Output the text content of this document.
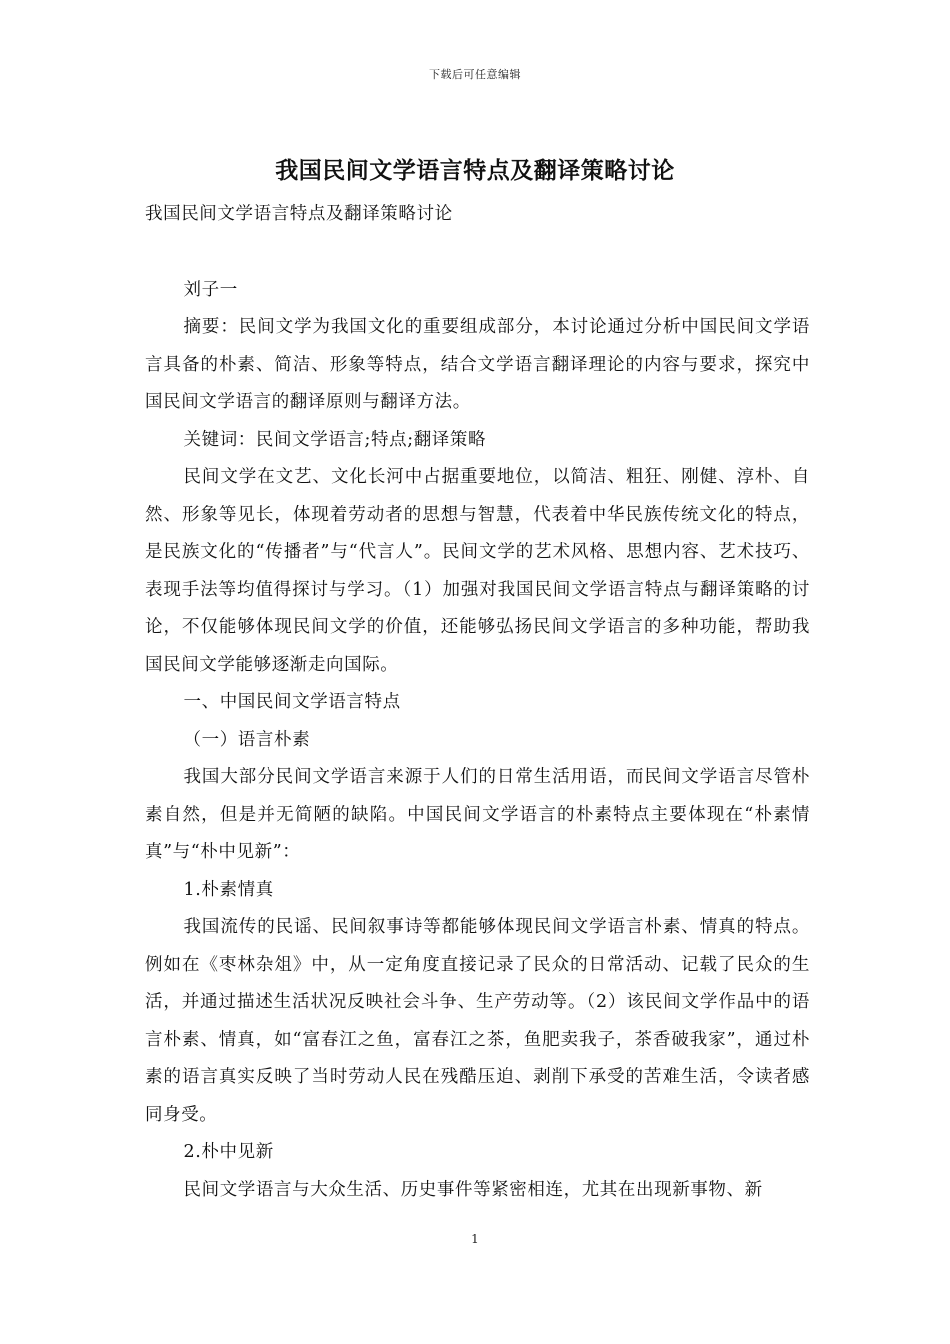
下载后可任意编辑
我国民间文学语言特点及翻译策略讨论

我国民间文学语言特点及翻译策略讨论

刘子一

摘要：民间文学为我国文化的重要组成部分，本讨论通过分析中国民间文学语言具备的朴素、简洁、形象等特点，结合文学语言翻译理论的内容与要求，探究中国民间文学语言的翻译原则与翻译方法。

关键词：民间文学语言;特点;翻译策略

民间文学在文艺、文化长河中占据重要地位，以简洁、粗狂、刚健、淳朴、自然、形象等见长，体现着劳动者的思想与智慧，代表着中华民族传统文化的特点，是民族文化的“传播者”与“代言人”。民间文学的艺术风格、思想内容、艺术技巧、表现手法等均值得探讨与学习。（1）加强对我国民间文学语言特点与翻译策略的讨论，不仅能够体现民间文学的价值，还能够弘扬民间文学语言的多种功能，帮助我国民间文学能够逐渐走向国际。

一、中国民间文学语言特点

（一）语言朴素

我国大部分民间文学语言来源于人们的日常生活用语，而民间文学语言尽管朴素自然，但是并无简陋的缺陷。中国民间文学语言的朴素特点主要体现在“朴素情真”与“朴中见新”：

1.朴素情真

我国流传的民谣、民间叙事诗等都能够体现民间文学语言朴素、情真的特点。例如在《枣林杂俎》中，从一定角度直接记录了民众的日常活动、记载了民众的生活，并通过描述生活状况反映社会斗争、生产劳动等。（2）该民间文学作品中的语言朴素、情真，如“富春江之鱼，富春江之茶，鱼肥卖我子，茶香破我家”，通过朴素的语言真实反映了当时劳动人民在残酷压迫、剥削下承受的苦难生活，令读者感同身受。

2.朴中见新

民间文学语言与大众生活、历史事件等紧密相连，尤其在出现新事物、新

1
